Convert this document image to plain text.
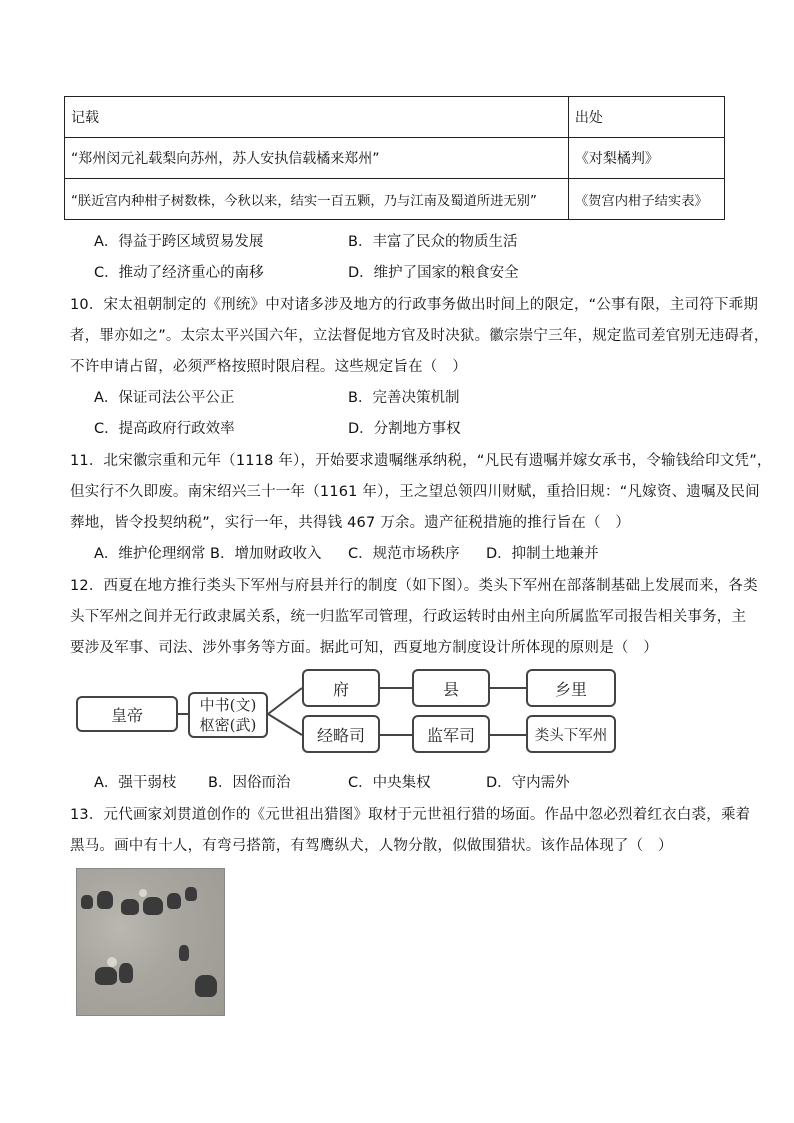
记载	出处
“郑州闵元礼载梨向苏州，苏人安执信载橘来郑州”	《对梨橘判》
“朕近宫内种柑子树数株，今秋以来，结实一百五颗，乃与江南及蜀道所进无别”	《贺宫内柑子结实表》
A．得益于跨区域贸易发展	B．丰富了民众的物质生活
C．推动了经济重心的南移	D．维护了国家的粮食安全
10．宋太祖朝制定的《刑统》中对诸多涉及地方的行政事务做出时间上的限定，“公事有限，主司符下乖期
者，罪亦如之”。太宗太平兴国六年，立法督促地方官及时决狱。徽宗崇宁三年，规定监司差官别无违碍者，
不许申请占留，必须严格按照时限启程。这些规定旨在（　）
A．保证司法公平公正	B．完善决策机制
C．提高政府行政效率	D．分割地方事权
11．北宋徽宗重和元年（1118 年），开始要求遗嘱继承纳税，“凡民有遗嘱并嫁女承书，令输钱给印文凭”，
但实行不久即废。南宋绍兴三十一年（1161 年），王之望总领四川财赋，重拾旧规：“凡嫁资、遗嘱及民间
葬地，皆令投契纳税”，实行一年，共得钱 467 万余。遗产征税措施的推行旨在（　）
A．维护伦理纲常 B．增加财政收入 C．规范市场秩序 D．抑制土地兼并
12．西夏在地方推行类头下军州与府县并行的制度（如下图）。类头下军州在部落制基础上发展而来，各类
头下军州之间并无行政隶属关系，统一归监军司管理，行政运转时由州主向所属监军司报告相关事务，主
要涉及军事、司法、涉外事务等方面。据此可知，西夏地方制度设计所体现的原则是（　）
皇帝
中书(文)
枢密(武)
府	县	乡里
经略司	监军司	类头下军州
A．强干弱枝 B．因俗而治	C．中央集权	D．守内需外
13．元代画家刘贯道创作的《元世祖出猎图》取材于元世祖行猎的场面。作品中忽必烈着红衣白裘，乘着
黑马。画中有十人，有弯弓搭箭，有驾鹰纵犬，人物分散，似做围猎状。该作品体现了（　）
